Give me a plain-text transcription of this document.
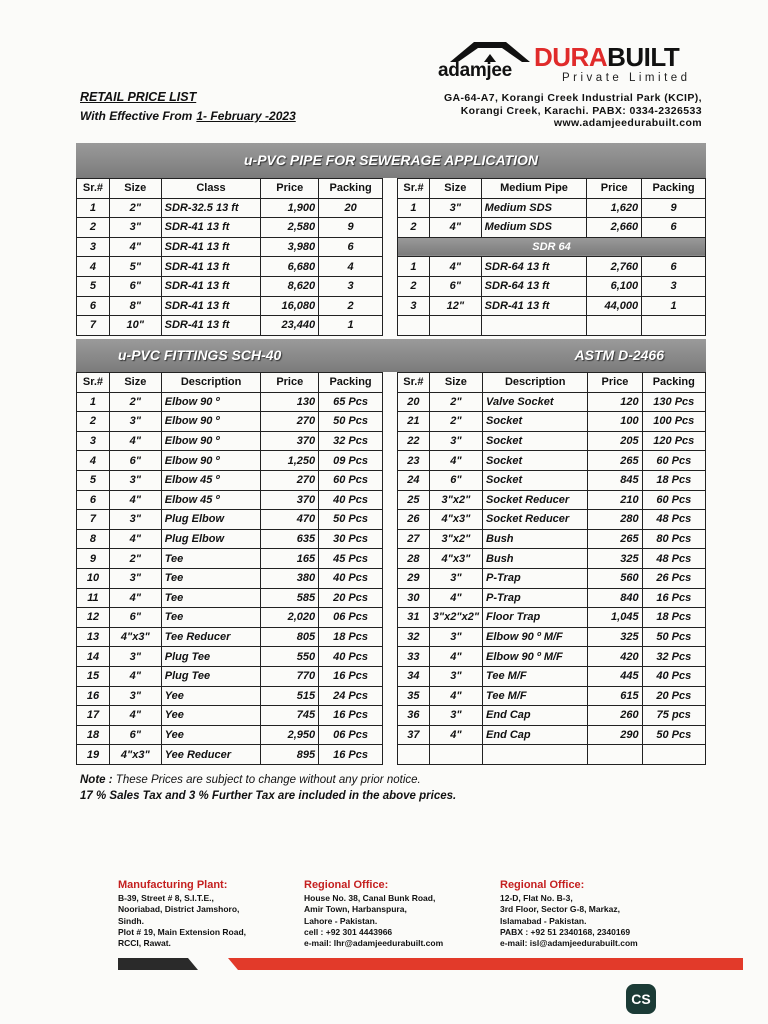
adamjee DURABUILT
Private Limited
GA-64-A7, Korangi Creek Industrial Park (KCIP),
Korangi Creek, Karachi. PABX: 0334-2326533
www.adamjeedurabuilt.com
RETAIL PRICE LIST
With Effective From 1- February -2023
u-PVC PIPE FOR SEWERAGE APPLICATION
Sr.#	Size	Class	Price	Packing
1	2"	SDR-32.5 13 ft	1,900	20
2	3"	SDR-41 13 ft	2,580	9
3	4"	SDR-41 13 ft	3,980	6
4	5"	SDR-41 13 ft	6,680	4
5	6"	SDR-41 13 ft	8,620	3
6	8"	SDR-41 13 ft	16,080	2
7	10"	SDR-41 13 ft	23,440	1
Sr.#	Size	Medium Pipe	Price	Packing
1	3"	Medium SDS	1,620	9
2	4"	Medium SDS	2,660	6
SDR 64				
1	4"	SDR-64 13 ft	2,760	6
2	6"	SDR-64 13 ft	6,100	3
3	12"	SDR-41 13 ft	44,000	1

u-PVC FITTINGS SCH-40	ASTM D-2466
Sr.#	Size	Description	Price	Packing
1	2"	Elbow 90 º	130	65 Pcs
2	3"	Elbow 90 º	270	50 Pcs
3	4"	Elbow 90 º	370	32 Pcs
4	6"	Elbow 90 º	1,250	09 Pcs
5	3"	Elbow 45 º	270	60 Pcs
6	4"	Elbow 45 º	370	40 Pcs
7	3"	Plug Elbow	470	50 Pcs
8	4"	Plug Elbow	635	30 Pcs
9	2"	Tee	165	45 Pcs
10	3"	Tee	380	40 Pcs
11	4"	Tee	585	20 Pcs
12	6"	Tee	2,020	06 Pcs
13	4"x3"	Tee Reducer	805	18 Pcs
14	3"	Plug Tee	550	40 Pcs
15	4"	Plug Tee	770	16 Pcs
16	3"	Yee	515	24 Pcs
17	4"	Yee	745	16 Pcs
18	6"	Yee	2,950	06 Pcs
19	4"x3"	Yee Reducer	895	16 Pcs
Sr.#	Size	Description	Price	Packing
20	2"	Valve Socket	120	130 Pcs
21	2"	Socket	100	100 Pcs
22	3"	Socket	205	120 Pcs
23	4"	Socket	265	60 Pcs
24	6"	Socket	845	18 Pcs
25	3"x2"	Socket Reducer	210	60 Pcs
26	4"x3"	Socket Reducer	280	48 Pcs
27	3"x2"	Bush	265	80 Pcs
28	4"x3"	Bush	325	48 Pcs
29	3"	P-Trap	560	26 Pcs
30	4"	P-Trap	840	16 Pcs
31	3"x2"x2"	Floor Trap	1,045	18 Pcs
32	3"	Elbow 90 º M/F	325	50 Pcs
33	4"	Elbow 90 º M/F	420	32 Pcs
34	3"	Tee M/F	445	40 Pcs
35	4"	Tee M/F	615	20 Pcs
36	3"	End Cap	260	75 pcs
37	4"	End Cap	290	50 Pcs

Note : These Prices are subject to change without any prior notice.
17 % Sales Tax and 3 % Further Tax are included in the above prices.
Manufacturing Plant:
B-39, Street # 8, S.I.T.E.,
Nooriabad, District Jamshoro,
Sindh.
Plot # 19, Main Extension Road,
RCCI, Rawat.
Regional Office:
House No. 38, Canal Bunk Road,
Amir Town, Harbanspura,
Lahore - Pakistan.
cell : +92 301 4443966
e-mail: lhr@adamjeedurabuilt.com
Regional Office:
12-D, Flat No. B-3,
3rd Floor, Sector G-8, Markaz,
Islamabad - Pakistan.
PABX : +92 51 2340168, 2340169
e-mail: isl@adamjeedurabuilt.com
CS
